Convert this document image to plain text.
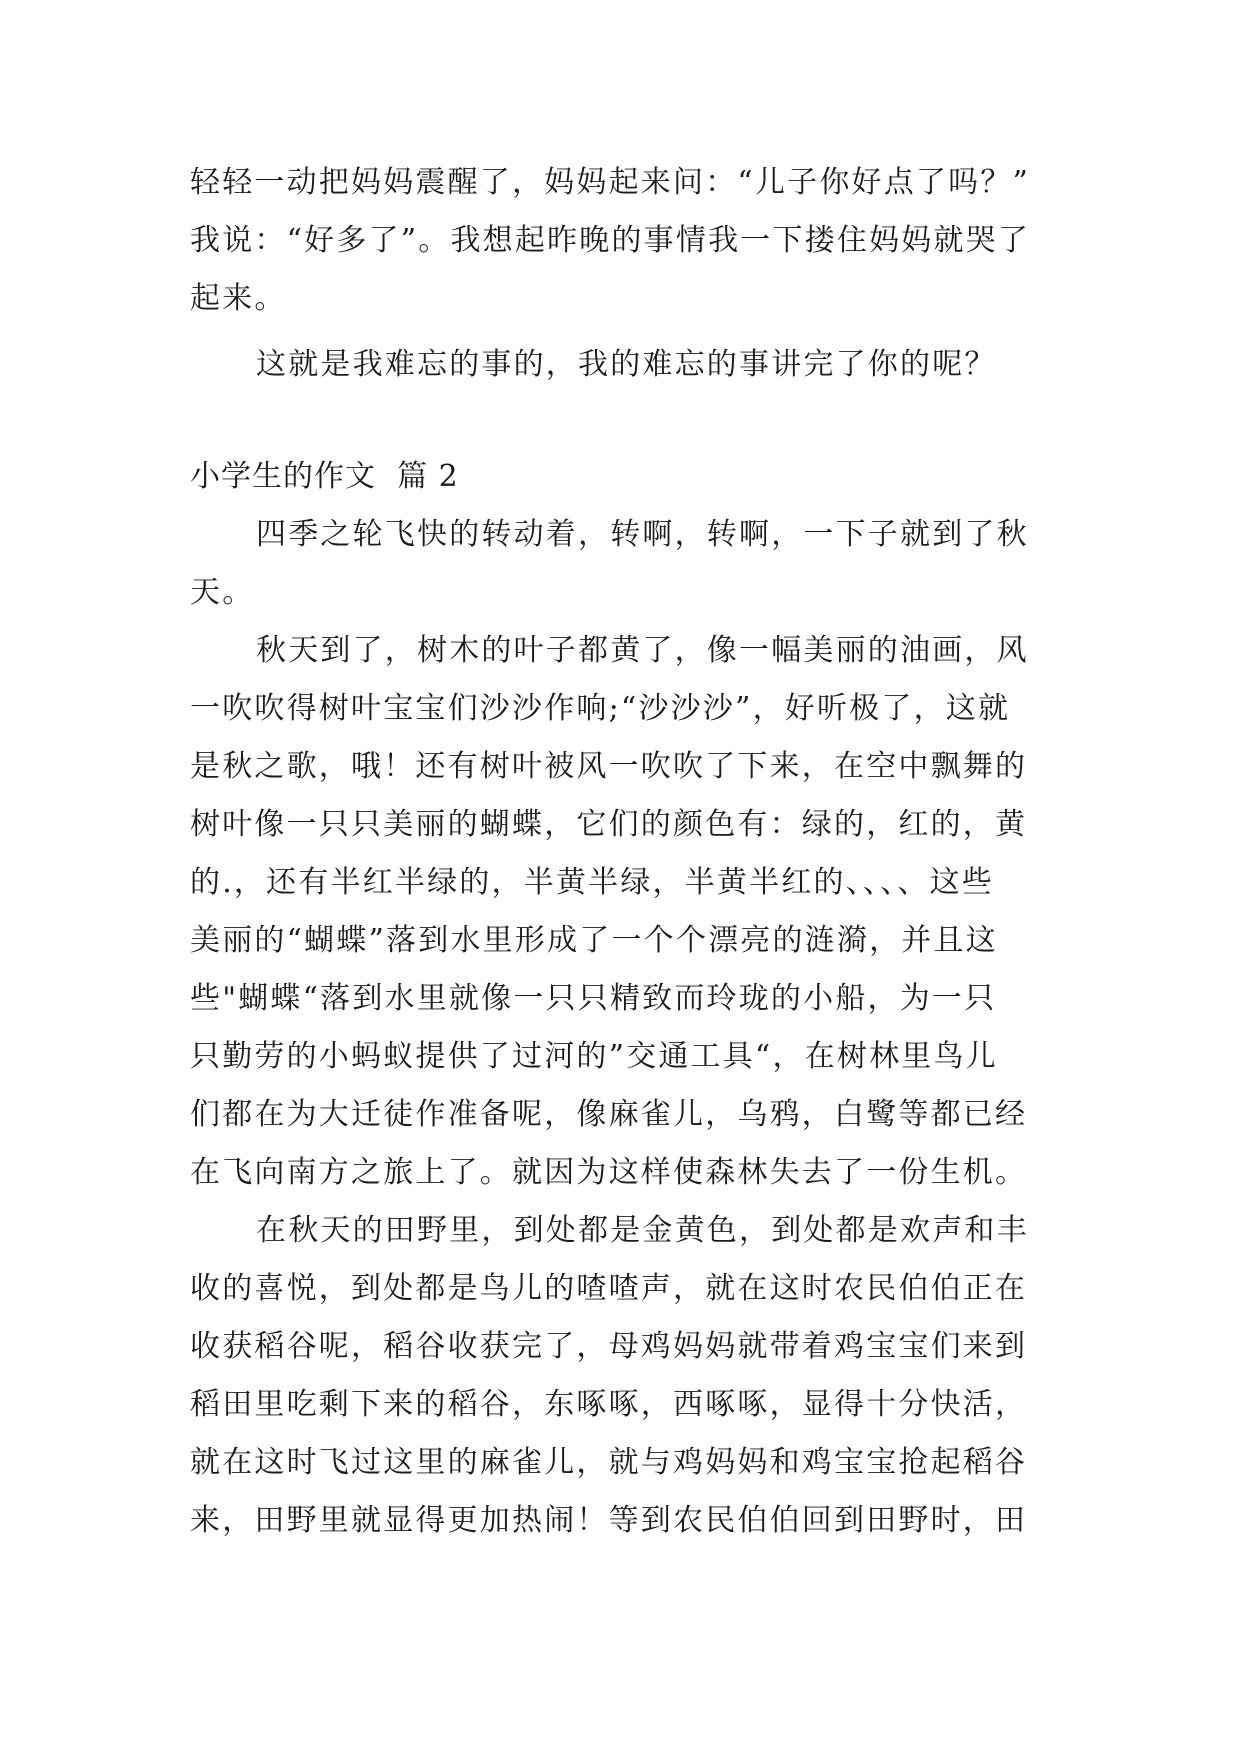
轻轻一动把妈妈震醒了，妈妈起来问：“儿子你好点了吗？”
我说：“好多了”。我想起昨晚的事情我一下搂住妈妈就哭了
起来。
这就是我难忘的事的，我的难忘的事讲完了你的呢？
小学生的作文  篇 2
四季之轮飞快的转动着，转啊，转啊，一下子就到了秋
天。
秋天到了，树木的叶子都黄了，像一幅美丽的油画，风
一吹吹得树叶宝宝们沙沙作响;“沙沙沙”，好听极了，这就
是秋之歌，哦！还有树叶被风一吹吹了下来，在空中飘舞的
树叶像一只只美丽的蝴蝶，它们的颜色有：绿的，红的，黄
的.，还有半红半绿的，半黄半绿，半黄半红的、、、、这些
美丽的“蝴蝶”落到水里形成了一个个漂亮的涟漪，并且这
些"蝴蝶“落到水里就像一只只精致而玲珑的小船，为一只
只勤劳的小蚂蚁提供了过河的”交通工具“，在树林里鸟儿
们都在为大迁徒作准备呢，像麻雀儿，乌鸦，白鹭等都已经
在飞向南方之旅上了。就因为这样使森林失去了一份生机。
在秋天的田野里，到处都是金黄色，到处都是欢声和丰
收的喜悦，到处都是鸟儿的喳喳声，就在这时农民伯伯正在
收获稻谷呢，稻谷收获完了，母鸡妈妈就带着鸡宝宝们来到
稻田里吃剩下来的稻谷，东啄啄，西啄啄，显得十分快活，
就在这时飞过这里的麻雀儿，就与鸡妈妈和鸡宝宝抢起稻谷
来，田野里就显得更加热闹！等到农民伯伯回到田野时，田
